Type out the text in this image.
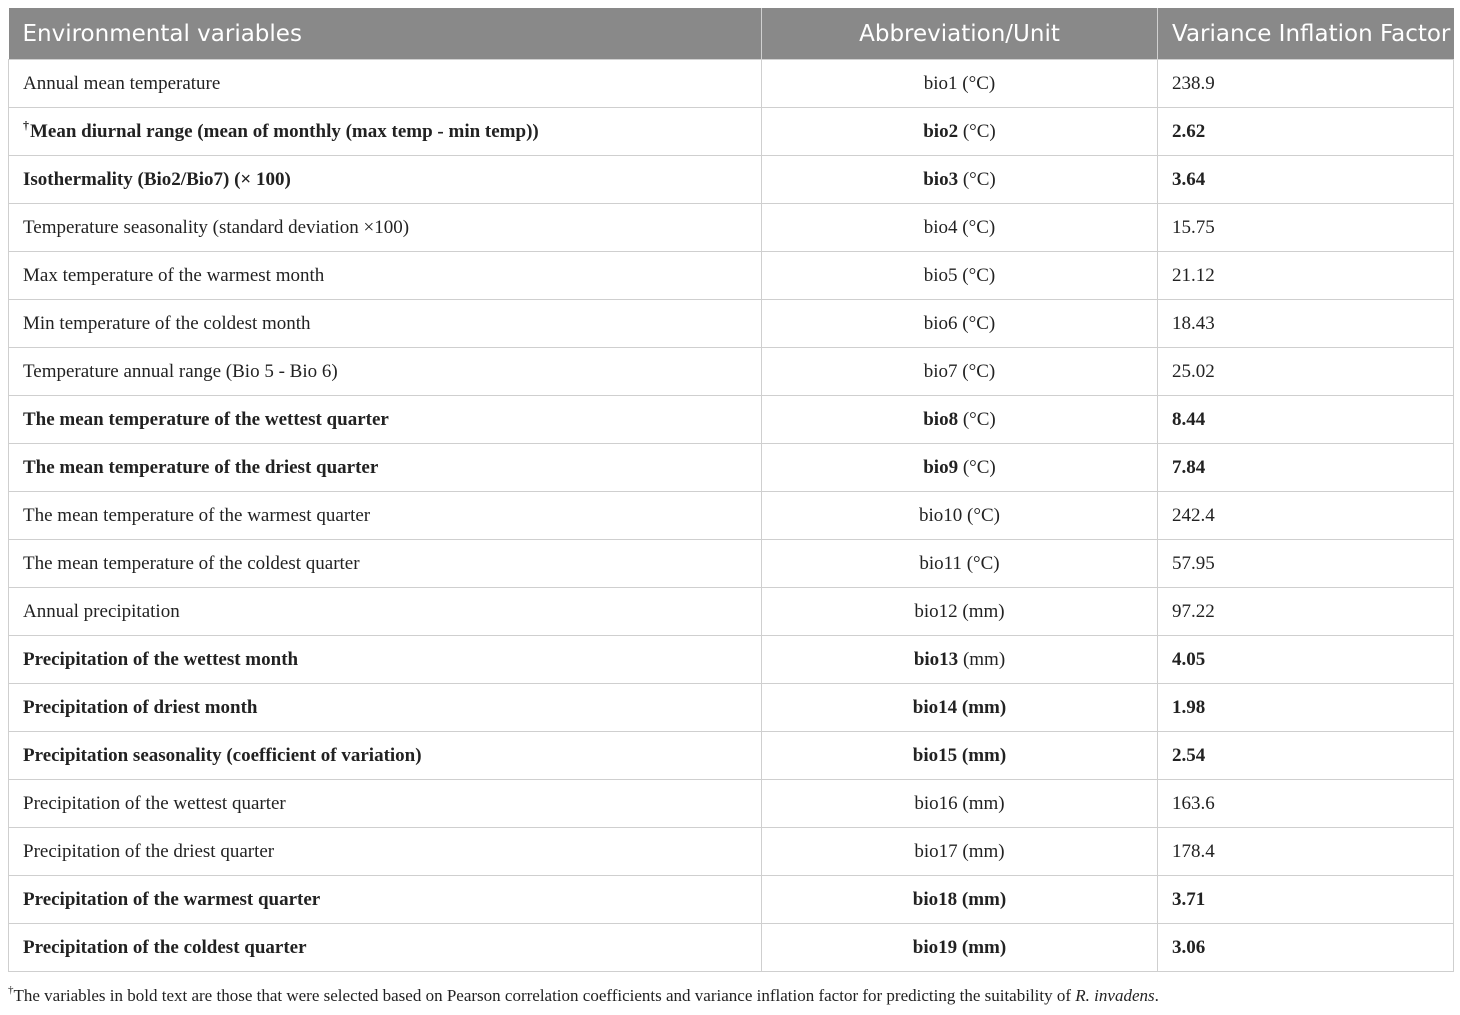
Environmental variables	Abbreviation/Unit	Variance Inflation Factor
Annual mean temperature	bio1 (°C)	238.9
†Mean diurnal range (mean of monthly (max temp - min temp))	bio2 (°C)	2.62
Isothermality (Bio2/Bio7) (× 100)	bio3 (°C)	3.64
Temperature seasonality (standard deviation ×100)	bio4 (°C)	15.75
Max temperature of the warmest month	bio5 (°C)	21.12
Min temperature of the coldest month	bio6 (°C)	18.43
Temperature annual range (Bio 5 - Bio 6)	bio7 (°C)	25.02
The mean temperature of the wettest quarter	bio8 (°C)	8.44
The mean temperature of the driest quarter	bio9 (°C)	7.84
The mean temperature of the warmest quarter	bio10 (°C)	242.4
The mean temperature of the coldest quarter	bio11 (°C)	57.95
Annual precipitation	bio12 (mm)	97.22
Precipitation of the wettest month	bio13 (mm)	4.05
Precipitation of driest month	bio14 (mm)	1.98
Precipitation seasonality (coefficient of variation)	bio15 (mm)	2.54
Precipitation of the wettest quarter	bio16 (mm)	163.6
Precipitation of the driest quarter	bio17 (mm)	178.4
Precipitation of the warmest quarter	bio18 (mm)	3.71
Precipitation of the coldest quarter	bio19 (mm)	3.06
†The variables in bold text are those that were selected based on Pearson correlation coefficients and variance inflation factor for predicting the suitability of R. invadens.
